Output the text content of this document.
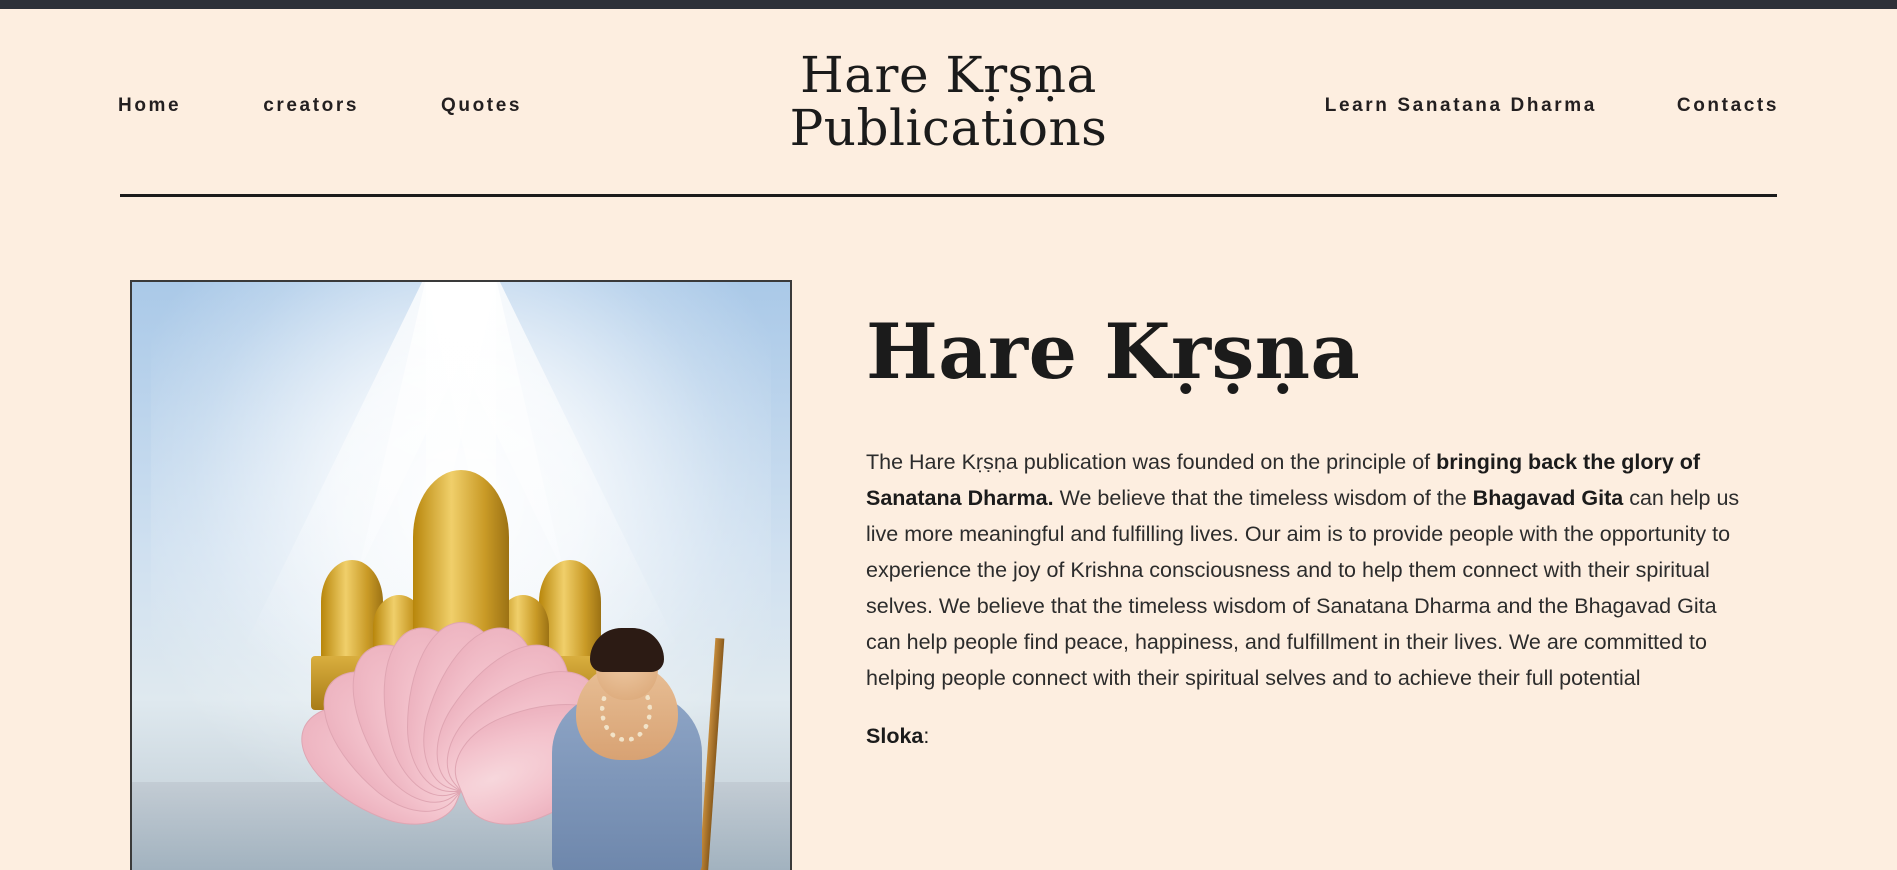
Home	creators	Quotes
Hare Kṛṣṇa
Publications	Learn Sanatana Dharma	Contacts
Hare Kṛṣṇa

The Hare Kṛṣṇa publication was founded on the principle of bringing back the glory of Sanatana Dharma. We believe that the timeless wisdom of the Bhagavad Gita can help us live more meaningful and fulfilling lives. Our aim is to provide people with the opportunity to experience the joy of Krishna consciousness and to help them connect with their spiritual selves. We believe that the timeless wisdom of Sanatana Dharma and the Bhagavad Gita can help people find peace, happiness, and fulfillment in their lives. We are committed to helping people connect with their spiritual selves and to achieve their full potential

Sloka:
